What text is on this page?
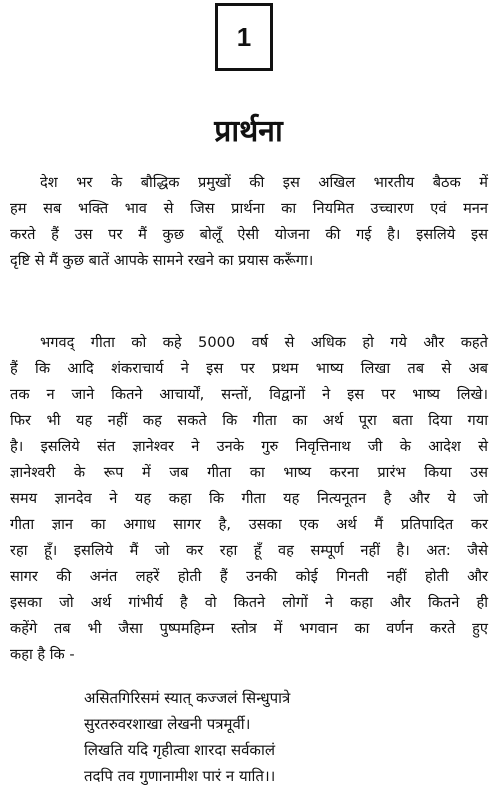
1
प्रार्थना
देश भर के बौद्धिक प्रमुखों की इस अखिल भारतीय बैठक में
हम सब भक्ति भाव से जिस प्रार्थना का नियमित उच्चारण एवं मनन
करते हैं उस पर मैं कुछ बोलूँ ऐसी योजना की गई है। इसलिये इस
दृष्टि से मैं कुछ बातें आपके सामने रखने का प्रयास करूँगा।
भगवद् गीता को कहे 5000 वर्ष से अधिक हो गये और कहते
हैं कि आदि शंकराचार्य ने इस पर प्रथम भाष्य लिखा तब से अब
तक न जाने कितने आचार्यों, सन्तों, विद्वानों ने इस पर भाष्य लिखे।
फिर भी यह नहीं कह सकते कि गीता का अर्थ पूरा बता दिया गया
है। इसलिये संत ज्ञानेश्वर ने उनके गुरु निवृत्तिनाथ जी के आदेश से
ज्ञानेश्वरी के रूप में जब गीता का भाष्य करना प्रारंभ किया उस
समय ज्ञानदेव ने यह कहा कि गीता यह नित्यनूतन है और ये जो
गीता ज्ञान का अगाध सागर है, उसका एक अर्थ मैं प्रतिपादित कर
रहा हूँ। इसलिये मैं जो कर रहा हूँ वह सम्पूर्ण नहीं है। अत: जैसे
सागर की अनंत लहरें होती हैं उनकी कोई गिनती नहीं होती और
इसका जो अर्थ गांभीर्य है वो कितने लोगों ने कहा और कितने ही
कहेंगे तब भी जैसा पुष्पमहिम्न स्तोत्र में भगवान का वर्णन करते हुए
कहा है कि -
असितगिरिसमं स्यात् कज्जलं सिन्धुपात्रे
सुरतरुवरशाखा लेखनी पत्रमूर्वी।
लिखति यदि गृहीत्वा शारदा सर्वकालं
तदपि तव गुणानामीश पारं न याति।।
